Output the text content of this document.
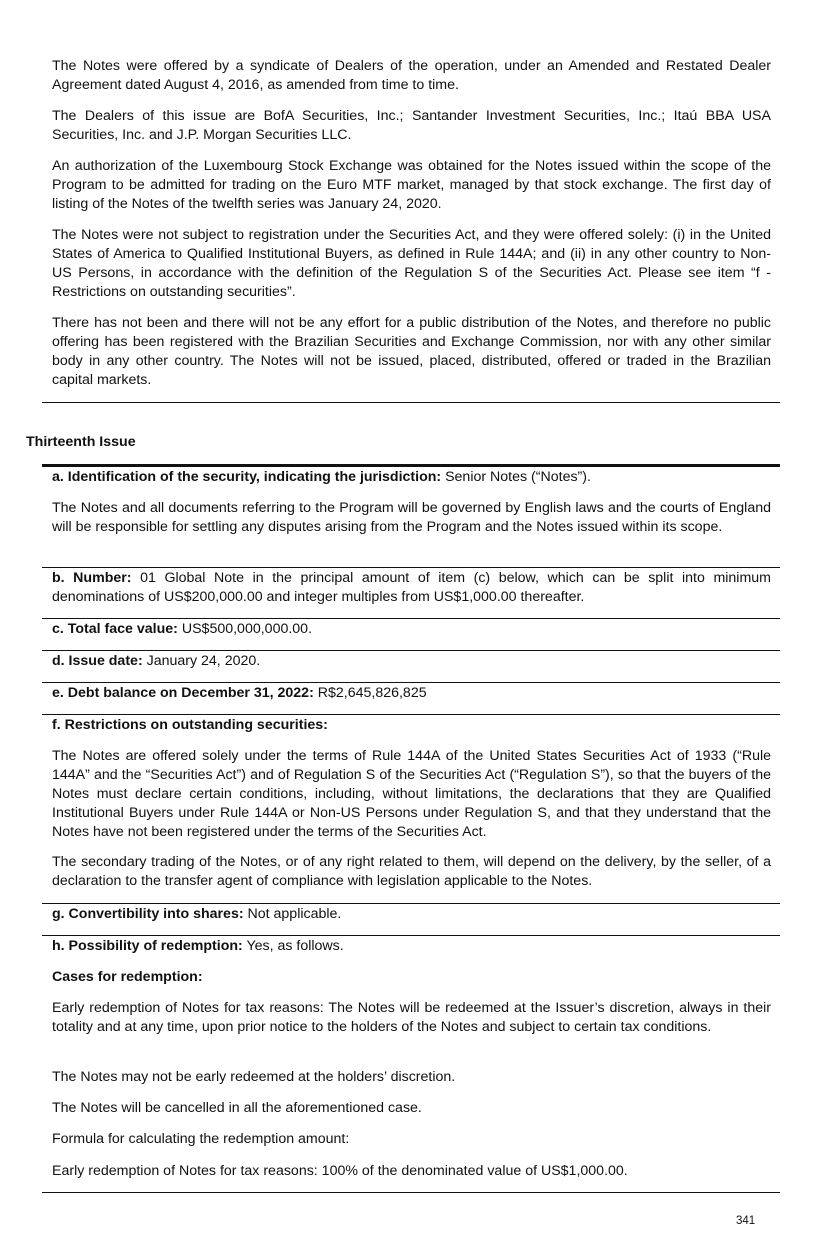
The Notes were offered by a syndicate of Dealers of the operation, under an Amended and Restated Dealer Agreement dated August 4, 2016, as amended from time to time.

The Dealers of this issue are BofA Securities, Inc.; Santander Investment Securities, Inc.; Itaú BBA USA Securities, Inc. and J.P. Morgan Securities LLC.

An authorization of the Luxembourg Stock Exchange was obtained for the Notes issued within the scope of the Program to be admitted for trading on the Euro MTF market, managed by that stock exchange. The first day of listing of the Notes of the twelfth series was January 24, 2020.

The Notes were not subject to registration under the Securities Act, and they were offered solely: (i) in the United States of America to Qualified Institutional Buyers, as defined in Rule 144A; and (ii) in any other country to Non-US Persons, in accordance with the definition of the Regulation S of the Securities Act. Please see item “f - Restrictions on outstanding securities”.

There has not been and there will not be any effort for a public distribution of the Notes, and therefore no public offering has been registered with the Brazilian Securities and Exchange Commission, nor with any other similar body in any other country. The Notes will not be issued, placed, distributed, offered or traded in the Brazilian capital markets.

Thirteenth Issue

a. Identification of the security, indicating the jurisdiction: Senior Notes (“Notes”).

The Notes and all documents referring to the Program will be governed by English laws and the courts of England will be responsible for settling any disputes arising from the Program and the Notes issued within its scope.

b. Number: 01 Global Note in the principal amount of item (c) below, which can be split into minimum denominations of US$200,000.00 and integer multiples from US$1,000.00 thereafter.

c. Total face value: US$500,000,000.00.

d. Issue date: January 24, 2020.

e. Debt balance on December 31, 2022: R$2,645,826,825

f. Restrictions on outstanding securities:

The Notes are offered solely under the terms of Rule 144A of the United States Securities Act of 1933 (“Rule 144A” and the “Securities Act”) and of Regulation S of the Securities Act (“Regulation S”), so that the buyers of the Notes must declare certain conditions, including, without limitations, the declarations that they are Qualified Institutional Buyers under Rule 144A or Non-US Persons under Regulation S, and that they understand that the Notes have not been registered under the terms of the Securities Act.

The secondary trading of the Notes, or of any right related to them, will depend on the delivery, by the seller, of a declaration to the transfer agent of compliance with legislation applicable to the Notes.

g. Convertibility into shares: Not applicable.

h. Possibility of redemption: Yes, as follows.

Cases for redemption:

Early redemption of Notes for tax reasons: The Notes will be redeemed at the Issuer’s discretion, always in their totality and at any time, upon prior notice to the holders of the Notes and subject to certain tax conditions.

The Notes may not be early redeemed at the holders’ discretion.

The Notes will be cancelled in all the aforementioned case.

Formula for calculating the redemption amount:

Early redemption of Notes for tax reasons: 100% of the denominated value of US$1,000.00.

341
